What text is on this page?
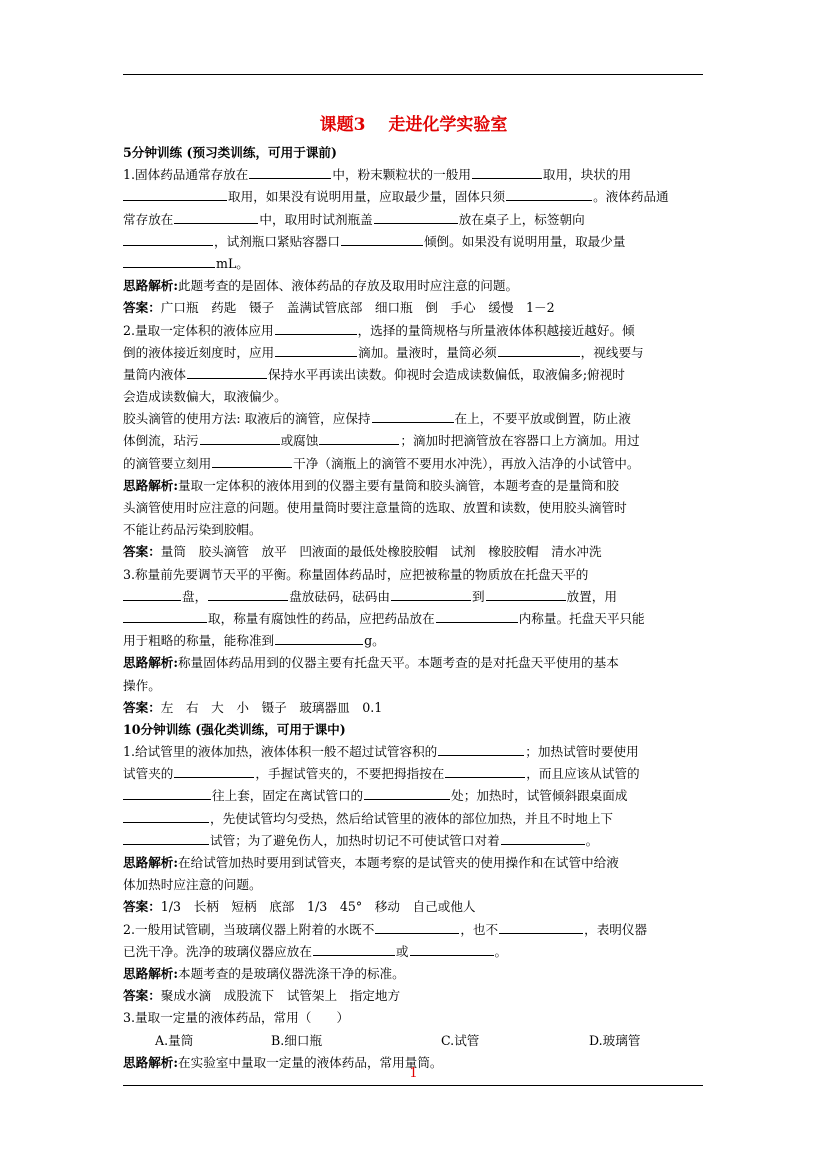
课题3　 走进化学实验室
5分钟训练 (预习类训练，可用于课前)
1.固体药品通常存放在	中，粉末颗粒状的一般用	取用，块状的用
取用，如果没有说明用量，应取最少量，固体只须	。液体药品通
常存放在	中，取用时试剂瓶盖	放在桌子上，标签朝向
，试剂瓶口紧贴容器口	倾倒。如果没有说明用量，取最少量
mL。
思路解析:此题考查的是固体、液体药品的存放及取用时应注意的问题。
答案：广口瓶　药匙　镊子　盖满试管底部　细口瓶　倒　手心　缓慢　1－2
2.量取一定体积的液体应用	，选择的量筒规格与所量液体体积越接近越好。倾
倒的液体接近刻度时，应用	滴加。量液时，量筒必须	，视线要与
量筒内液体	保持水平再读出读数。仰视时会造成读数偏低，取液偏多;俯视时
会造成读数偏大，取液偏少。
胶头滴管的使用方法: 取液后的滴管，应保持	在上，不要平放或倒置，防止液
体倒流，玷污	或腐蚀	；滴加时把滴管放在容器口上方滴加。用过
的滴管要立刻用	干净（滴瓶上的滴管不要用水冲洗），再放入洁净的小试管中。
思路解析:量取一定体积的液体用到的仪器主要有量筒和胶头滴管，本题考查的是量筒和胶
头滴管使用时应注意的问题。使用量筒时要注意量筒的选取、放置和读数，使用胶头滴管时
不能让药品污染到胶帽。
答案：量筒　胶头滴管　放平　凹液面的最低处橡胶胶帽　试剂　橡胶胶帽　清水冲洗
3.称量前先要调节天平的平衡。称量固体药品时，应把被称量的物质放在托盘天平的
盘，	盘放砝码，砝码由	到	放置，用
取，称量有腐蚀性的药品，应把药品放在	内称量。托盘天平只能
用于粗略的称量，能称准到	g。
思路解析:称量固体药品用到的仪器主要有托盘天平。本题考查的是对托盘天平使用的基本
操作。
答案：左　右　大　小　镊子　玻璃器皿　0.1
10分钟训练 (强化类训练，可用于课中)
1.给试管里的液体加热，液体体积一般不超过试管容积的	；加热试管时要使用
试管夹的	，手握试管夹的，不要把拇指按在	，而且应该从试管的
往上套，固定在离试管口的	处；加热时，试管倾斜跟桌面成
，先使试管均匀受热，然后给试管里的液体的部位加热，并且不时地上下
试管；为了避免伤人，加热时切记不可使试管口对着	。
思路解析:在给试管加热时要用到试管夹，本题考察的是试管夹的使用操作和在试管中给液
体加热时应注意的问题。
答案：1/3　长柄　短柄　底部　1/3　45°　移动　自己或他人
2.一般用试管刷，当玻璃仪器上附着的水既不	，也不	，表明仪器
已洗干净。洗净的玻璃仪器应放在	或	。
思路解析:本题考查的是玻璃仪器洗涤干净的标准。
答案：聚成水滴　成股流下　试管架上　指定地方
3.量取一定量的液体药品，常用（　　）
A.量筒	B.细口瓶	C.试管	D.玻璃管
思路解析:在实验室中量取一定量的液体药品，常用量筒。
1
